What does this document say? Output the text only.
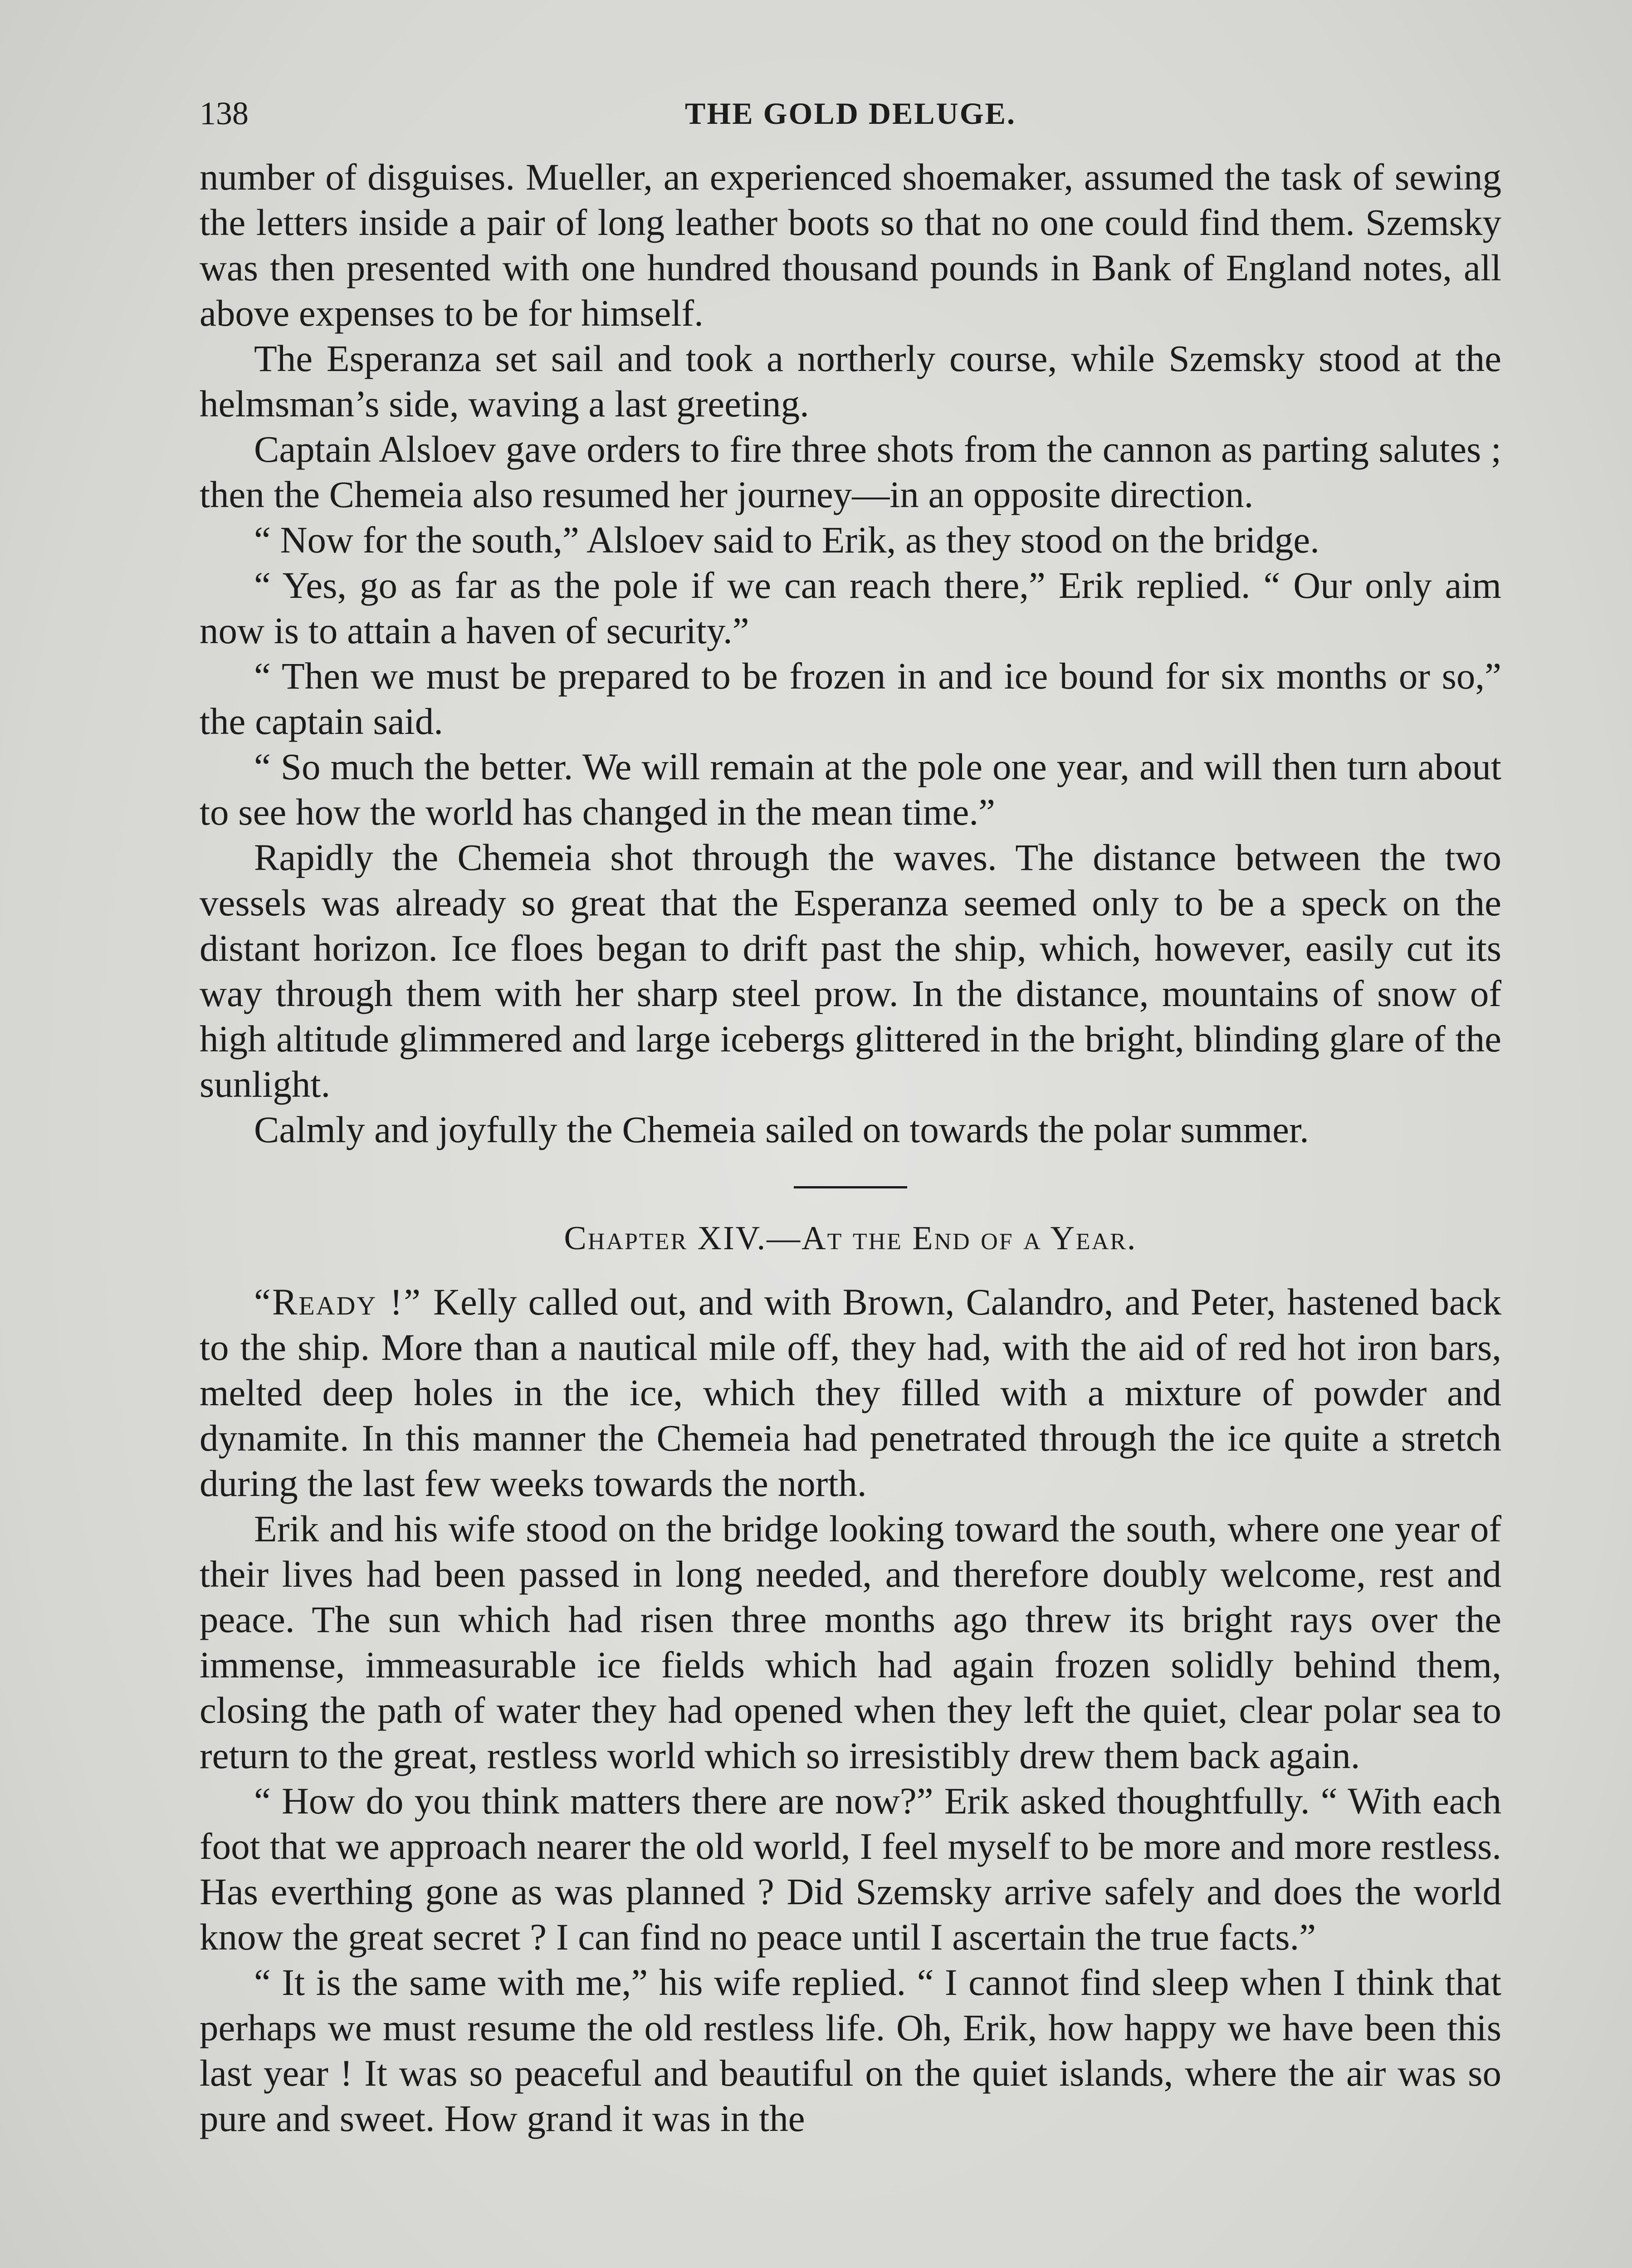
138	THE GOLD DELUGE.

number of disguises. Mueller, an experienced shoemaker, assumed the task of sewing the letters inside a pair of long leather boots so that no one could find them. Szemsky was then presented with one hundred thousand pounds in Bank of England notes, all above expenses to be for himself.

The Esperanza set sail and took a northerly course, while Szemsky stood at the helmsman’s side, waving a last greeting.

Captain Alsloev gave orders to fire three shots from the cannon as parting salutes ; then the Chemeia also resumed her journey—in an opposite direction.

“ Now for the south,” Alsloev said to Erik, as they stood on the bridge.

“ Yes, go as far as the pole if we can reach there,” Erik replied. “ Our only aim now is to attain a haven of security.”

“ Then we must be prepared to be frozen in and ice bound for six months or so,” the captain said.

“ So much the better. We will remain at the pole one year, and will then turn about to see how the world has changed in the mean time.”

Rapidly the Chemeia shot through the waves. The distance between the two vessels was already so great that the Esperanza seemed only to be a speck on the distant horizon. Ice floes began to drift past the ship, which, however, easily cut its way through them with her sharp steel prow. In the distance, mountains of snow of high altitude glimmered and large icebergs glittered in the bright, blinding glare of the sunlight.

Calmly and joyfully the Chemeia sailed on towards the polar summer.

Chapter XIV.—At the End of a Year.

“Ready !” Kelly called out, and with Brown, Calandro, and Peter, hastened back to the ship. More than a nautical mile off, they had, with the aid of red hot iron bars, melted deep holes in the ice, which they filled with a mixture of powder and dynamite. In this manner the Chemeia had penetrated through the ice quite a stretch during the last few weeks towards the north.

Erik and his wife stood on the bridge looking toward the south, where one year of their lives had been passed in long needed, and therefore doubly welcome, rest and peace. The sun which had risen three months ago threw its bright rays over the immense, immeasurable ice fields which had again frozen solidly behind them, closing the path of water they had opened when they left the quiet, clear polar sea to return to the great, restless world which so irresistibly drew them back again.

“ How do you think matters there are now?” Erik asked thoughtfully. “ With each foot that we approach nearer the old world, I feel myself to be more and more restless. Has everthing gone as was planned ? Did Szemsky arrive safely and does the world know the great secret ? I can find no peace until I ascertain the true facts.”

“ It is the same with me,” his wife replied. “ I cannot find sleep when I think that perhaps we must resume the old restless life. Oh, Erik, how happy we have been this last year ! It was so peaceful and beautiful on the quiet islands, where the air was so pure and sweet. How grand it was in the
